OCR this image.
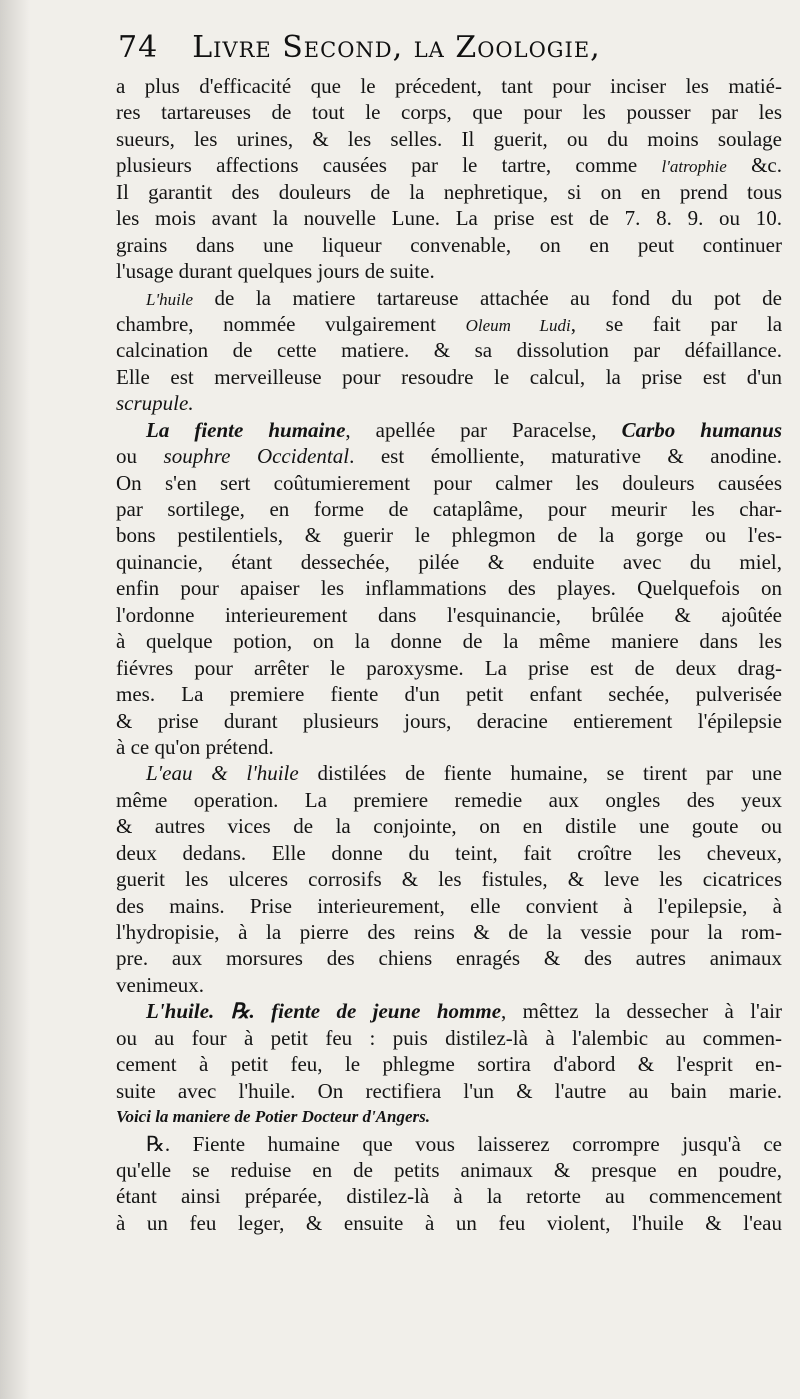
74 Livre Second, la Zoologie,
a plus d'efficacité que le précedent, tant pour inciser les matié-
res tartareuses de tout le corps, que pour les pousser par les
sueurs, les urines, & les selles. Il guerit, ou du moins soulage
plusieurs affections causées par le tartre, comme l'atrophie &c.
Il garantit des douleurs de la nephretique, si on en prend tous
les mois avant la nouvelle Lune. La prise est de 7. 8. 9. ou 10.
grains dans une liqueur convenable, on en peut continuer
l'usage durant quelques jours de suite.
L'huile de la matiere tartareuse attachée au fond du pot de
chambre, nommée vulgairement Oleum Ludi, se fait par la
calcination de cette matiere. & sa dissolution par défaillance.
Elle est merveilleuse pour resoudre le calcul, la prise est d'un
scrupule.
La fiente humaine, apellée par Paracelse, Carbo humanus
ou souphre Occidental. est émolliente, maturative & anodine.
On s'en sert coûtumierement pour calmer les douleurs causées
par sortilege, en forme de cataplâme, pour meurir les char-
bons pestilentiels, & guerir le phlegmon de la gorge ou l'es-
quinancie, étant dessechée, pilée & enduite avec du miel,
enfin pour apaiser les inflammations des playes. Quelquefois on
l'ordonne interieurement dans l'esquinancie, brûlée & ajoûtée
à quelque potion, on la donne de la même maniere dans les
fiévres pour arrêter le paroxysme. La prise est de deux drag-
mes. La premiere fiente d'un petit enfant sechée, pulverisée
& prise durant plusieurs jours, deracine entierement l'épilepsie
à ce qu'on prétend.
L'eau & l'huile distilées de fiente humaine, se tirent par une
même operation. La premiere remedie aux ongles des yeux
& autres vices de la conjointe, on en distile une goute ou
deux dedans. Elle donne du teint, fait croître les cheveux,
guerit les ulceres corrosifs & les fistules, & leve les cicatrices
des mains. Prise interieurement, elle convient à l'epilepsie, à
l'hydropisie, à la pierre des reins & de la vessie pour la rom-
pre. aux morsures des chiens enragés & des autres animaux
venimeux.
L'huile. ℞. fiente de jeune homme, mêttez la dessecher à l'air
ou au four à petit feu : puis distilez-là à l'alembic au commen-
cement à petit feu, le phlegme sortira d'abord & l'esprit en-
suite avec l'huile. On rectifiera l'un & l'autre au bain marie.
Voici la maniere de Potier Docteur d'Angers.
℞. Fiente humaine que vous laisserez corrompre jusqu'à ce
qu'elle se reduise en de petits animaux & presque en poudre,
étant ainsi préparée, distilez-là à la retorte au commencement
à un feu leger, & ensuite à un feu violent, l'huile & l'eau
